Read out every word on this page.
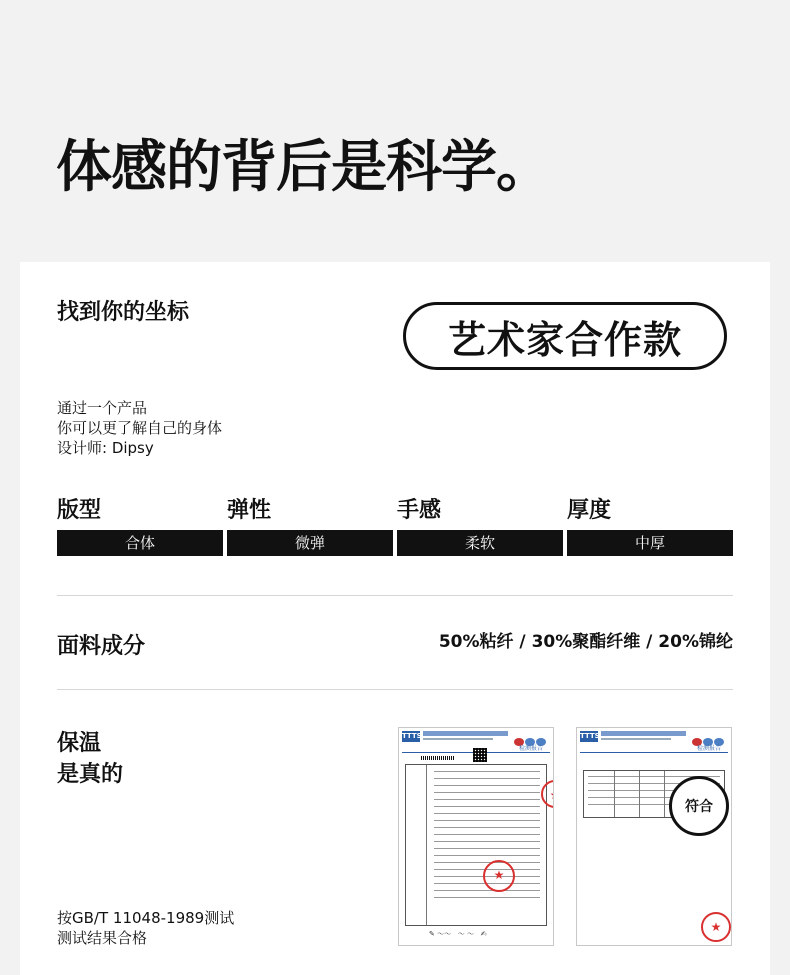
体感的背后是科学。
找到你的坐标
艺术家合作款
通过一个产品
你可以更了解自己的身体
设计师: Dipsy
版型
合体
弹性
微弹
手感
柔软
厚度
中厚
面料成分	50%粘纤 / 30%聚酯纤维 / 20%锦纶
保温
是真的
按GB/T 11048-1989测试
测试结果合格
TTTS
检测报告
★
★
✎ ～～   ～ ～   ✍
TTTS
检测报告
符合
★
